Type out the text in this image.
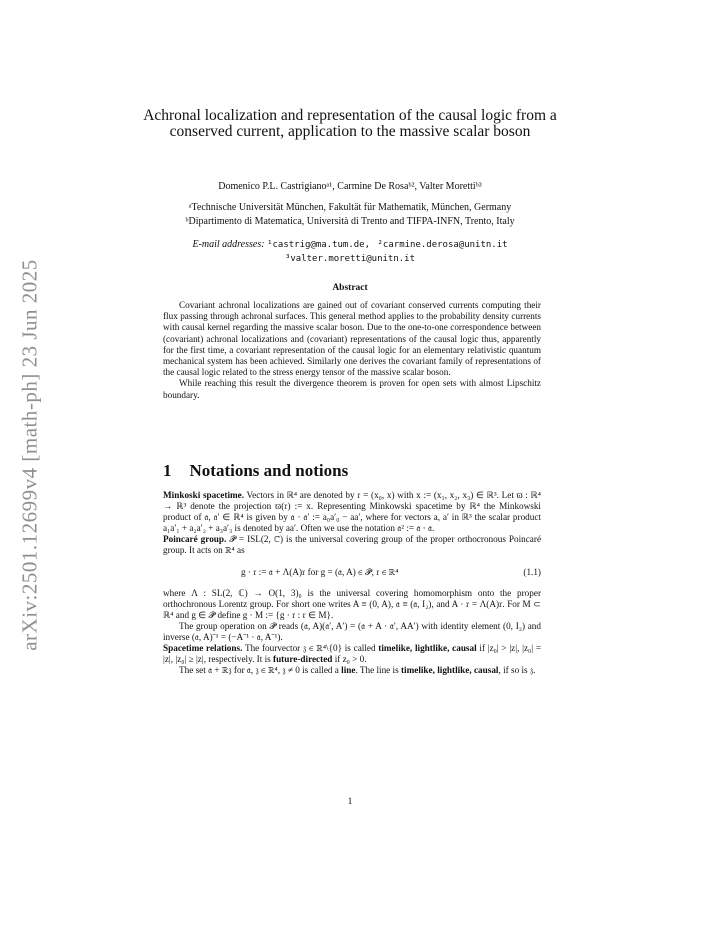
arXiv:2501.12699v4 [math-ph] 23 Jun 2025
Achronal localization and representation of the causal logic from a conserved current, application to the massive scalar boson
Domenico P.L. Castrigianoᵃ¹, Carmine De Rosaᵇ², Valter Morettiᵇ³
ᵃTechnische Universität München, Fakultät für Mathematik, München, Germany
ᵇDipartimento di Matematica, Università di Trento and TIFPA-INFN, Trento, Italy
E-mail addresses: ¹castrig@ma.tum.de, ²carmine.derosa@unitn.it
³valter.moretti@unitn.it
Abstract

Covariant achronal localizations are gained out of covariant conserved currents computing their flux passing through achronal surfaces. This general method applies to the probability density currents with causal kernel regarding the massive scalar boson. Due to the one-to-one correspondence between (covariant) achronal localizations and (covariant) representations of the causal logic thus, apparently for the first time, a covariant representation of the causal logic for an elementary relativistic quantum mechanical system has been achieved. Similarly one derives the covariant family of representations of the causal logic related to the stress energy tensor of the massive scalar boson.

While reaching this result the divergence theorem is proven for open sets with almost Lipschitz boundary.

1 Notations and notions

Minkoski spacetime. Vectors in ℝ⁴ are denoted by 𝔯 = (x₀, x) with x := (x₁, x₂, x₃) ∈ ℝ³. Let ϖ : ℝ⁴ → ℝ³ denote the projection ϖ(𝔯) := x. Representing Minkowski spacetime by ℝ⁴ the Minkowski product of 𝔞, 𝔞′ ∈ ℝ⁴ is given by 𝔞 · 𝔞′ := a₀a′₀ − aa′, where for vectors a, a′ in ℝ³ the scalar product a₁a′₁ + a₂a′₂ + a₃a′₃ is denoted by aa′. Often we use the notation 𝔞² := 𝔞 · 𝔞.

Poincaré group. 𝒫̃ = ISL(2, ℂ) is the universal covering group of the proper orthocronous Poincaré group. It acts on ℝ⁴ as

g · 𝔯 := 𝔞 + Λ(A)𝔯 for g = (𝔞, A) ∈ 𝒫̃, 𝔯 ∈ ℝ⁴	(1.1)

where Λ : SL(2, ℂ) → O(1, 3)₀ is the universal covering homomorphism onto the proper orthochronous Lorentz group. For short one writes A ≡ (0, A), 𝔞 ≡ (𝔞, I₂), and A · 𝔯 = Λ(A)𝔯. For M ⊂ ℝ⁴ and g ∈ 𝒫̃ define g · M := {g · 𝔯 : 𝔯 ∈ M}.

The group operation on 𝒫̃ reads (𝔞, A)(𝔞′, A′) = (𝔞 + A · 𝔞′, AA′) with identity element (0, I₂) and inverse (𝔞, A)⁻¹ = (−A⁻¹ · 𝔞, A⁻¹).

Spacetime relations. The fourvector 𝔷 ∈ ℝ⁴\{0} is called timelike, lightlike, causal if |z₀| > |z|, |z₀| = |z|, |z₀| ≥ |z|, respectively. It is future-directed if z₀ > 0.

The set 𝔞 + ℝ𝔷 for 𝔞, 𝔷 ∈ ℝ⁴, 𝔷 ≠ 0 is called a line. The line is timelike, lightlike, causal, if so is 𝔷.

1
